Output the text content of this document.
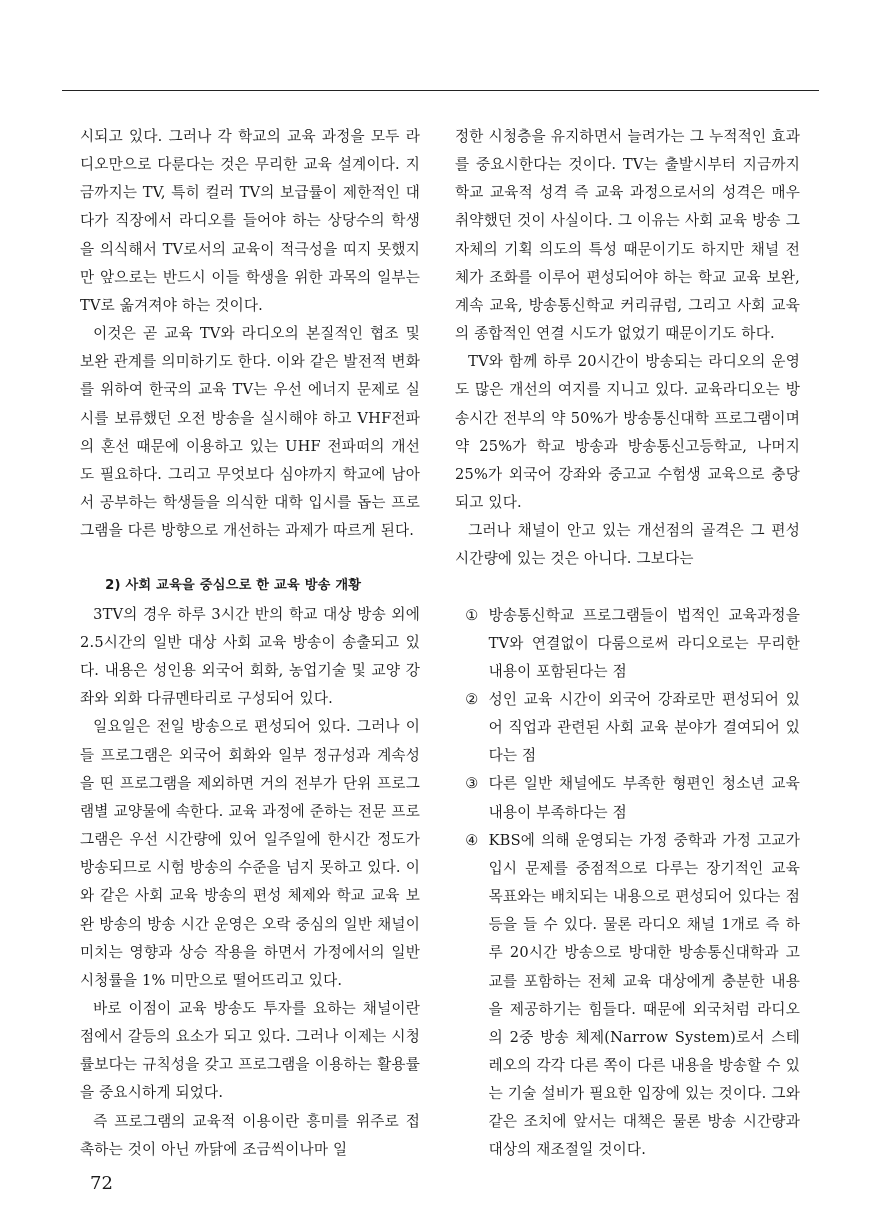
시되고 있다. 그러나 각 학교의 교육 과정을 모두 라디오만으로 다룬다는 것은 무리한 교육 설계이다. 지금까지는 TV, 특히 컬러 TV의 보급률이 제한적인 대다가 직장에서 라디오를 들어야 하는 상당수의 학생을 의식해서 TV로서의 교육이 적극성을 띠지 못했지만 앞으로는 반드시 이들 학생을 위한 과목의 일부는 TV로 옮겨져야 하는 것이다.

이것은 곧 교육 TV와 라디오의 본질적인 협조 및 보완 관계를 의미하기도 한다. 이와 같은 발전적 변화를 위하여 한국의 교육 TV는 우선 에너지 문제로 실시를 보류했던 오전 방송을 실시해야 하고 VHF전파의 혼선 때문에 이용하고 있는 UHF 전파떠의 개선도 필요하다. 그리고 무엇보다 심야까지 학교에 남아서 공부하는 학생들을 의식한 대학 입시를 돕는 프로그램을 다른 방향으로 개선하는 과제가 따르게 된다.

2) 사회 교육을 중심으로 한 교육 방송 개황

3TV의 경우 하루 3시간 반의 학교 대상 방송 외에 2.5시간의 일반 대상 사회 교육 방송이 송출되고 있다. 내용은 성인용 외국어 회화, 농업기술 및 교양 강좌와 외화 다큐멘타리로 구성되어 있다.

일요일은 전일 방송으로 편성되어 있다. 그러나 이들 프로그램은 외국어 회화와 일부 정규성과 계속성을 띤 프로그램을 제외하면 거의 전부가 단위 프로그램별 교양물에 속한다. 교육 과정에 준하는 전문 프로그램은 우선 시간량에 있어 일주일에 한시간 정도가 방송되므로 시험 방송의 수준을 넘지 못하고 있다. 이와 같은 사회 교육 방송의 편성 체제와 학교 교육 보완 방송의 방송 시간 운영은 오락 중심의 일반 채널이 미치는 영향과 상승 작용을 하면서 가정에서의 일반 시청률을 1% 미만으로 떨어뜨리고 있다.

바로 이점이 교육 방송도 투자를 요하는 채널이란 점에서 갈등의 요소가 되고 있다. 그러나 이제는 시청률보다는 규칙성을 갖고 프로그램을 이용하는 활용률을 중요시하게 되었다.

즉 프로그램의 교육적 이용이란 흥미를 위주로 접촉하는 것이 아닌 까닭에 조금씩이나마 일

정한 시청층을 유지하면서 늘려가는 그 누적적인 효과를 중요시한다는 것이다. TV는 출발시부터 지금까지 학교 교육적 성격 즉 교육 과정으로서의 성격은 매우 취약했던 것이 사실이다. 그 이유는 사회 교육 방송 그 자체의 기획 의도의 특성 때문이기도 하지만 채널 전체가 조화를 이루어 편성되어야 하는 학교 교육 보완, 계속 교육, 방송통신학교 커리큐럼, 그리고 사회 교육의 종합적인 연결 시도가 없었기 때문이기도 하다.

TV와 함께 하루 20시간이 방송되는 라디오의 운영도 많은 개선의 여지를 지니고 있다. 교육라디오는 방송시간 전부의 약 50%가 방송통신대학 프로그램이며 약 25%가 학교 방송과 방송통신고등학교, 나머지 25%가 외국어 강좌와 중고교 수험생 교육으로 충당되고 있다.

그러나 채널이 안고 있는 개선점의 골격은 그 편성 시간량에 있는 것은 아니다. 그보다는

① 방송통신학교 프로그램들이 법적인 교육과정을 TV와 연결없이 다룸으로써 라디오로는 무리한 내용이 포함된다는 점
② 성인 교육 시간이 외국어 강좌로만 편성되어 있어 직업과 관련된 사회 교육 분야가 결여되어 있다는 점
③ 다른 일반 채널에도 부족한 형편인 청소년 교육 내용이 부족하다는 점
④ KBS에 의해 운영되는 가정 중학과 가정 고교가 입시 문제를 중점적으로 다루는 장기적인 교육 목표와는 배치되는 내용으로 편성되어 있다는 점 등을 들 수 있다. 물론 라디오 채널 1개로 즉 하루 20시간 방송으로 방대한 방송통신대학과 고교를 포함하는 전체 교육 대상에게 충분한 내용을 제공하기는 힘들다. 때문에 외국처럼 라디오의 2중 방송 체제(Narrow System)로서 스테레오의 각각 다른 쪽이 다른 내용을 방송할 수 있는 기술 설비가 필요한 입장에 있는 것이다. 그와 같은 조치에 앞서는 대책은 물론 방송 시간량과 대상의 재조절일 것이다.
72
